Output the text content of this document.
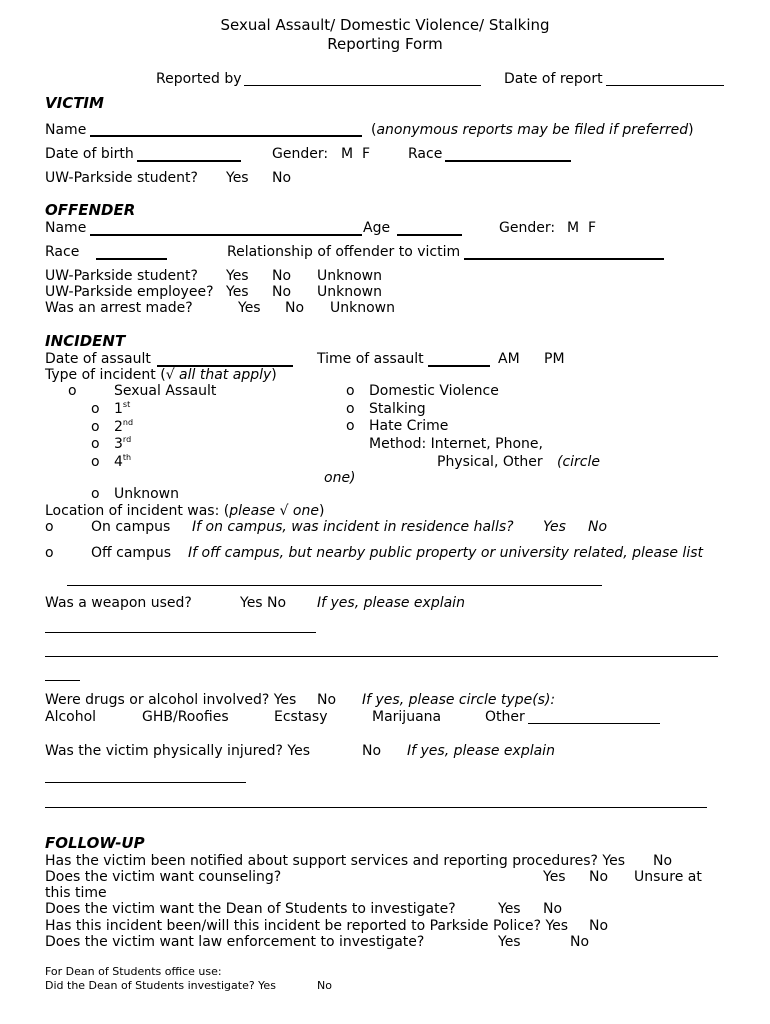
Sexual Assault/ Domestic Violence/ Stalking
Reporting Form
Reported by	Date of report
VICTIM
Name	(anonymous reports may be filed if preferred)
Date of birth	Gender: M F	Race
UW-Parkside student? Yes No
OFFENDER
Name	Age	Gender: M F
Race	Relationship of offender to victim
UW-Parkside student? Yes No Unknown
UW-Parkside employee? Yes No Unknown
Was an arrest made?	Yes No Unknown
INCIDENT
Date of assault	Time of assault	AM PM
Type of incident (√ all that apply)
o	Sexual Assault
o 1st
o 2nd
o 3rd
o 4th
o Unknown
o Domestic Violence
o Stalking
o Hate Crime
Method: Internet, Phone,
Physical, Other (circle
one)
Location of incident was: (please √ one)
o	On campus If on campus, was incident in residence halls? Yes No
o	Off campus If off campus, but nearby public property or university related, please list
Was a weapon used?	Yes No If yes, please explain
Were drugs or alcohol involved? Yes No If yes, please circle type(s):
Alcohol	GHB/Roofies	Ecstasy	Marijuana	Other
Was the victim physically injured? Yes	No If yes, please explain
FOLLOW-UP
Has the victim been notified about support services and reporting procedures? Yes No
Does the victim want counseling?	Yes No Unsure at
this time
Does the victim want the Dean of Students to investigate?	Yes No
Has this incident been/will this incident be reported to Parkside Police? Yes No
Does the victim want law enforcement to investigate?	Yes	No
For Dean of Students office use:
Did the Dean of Students investigate? Yes	No
